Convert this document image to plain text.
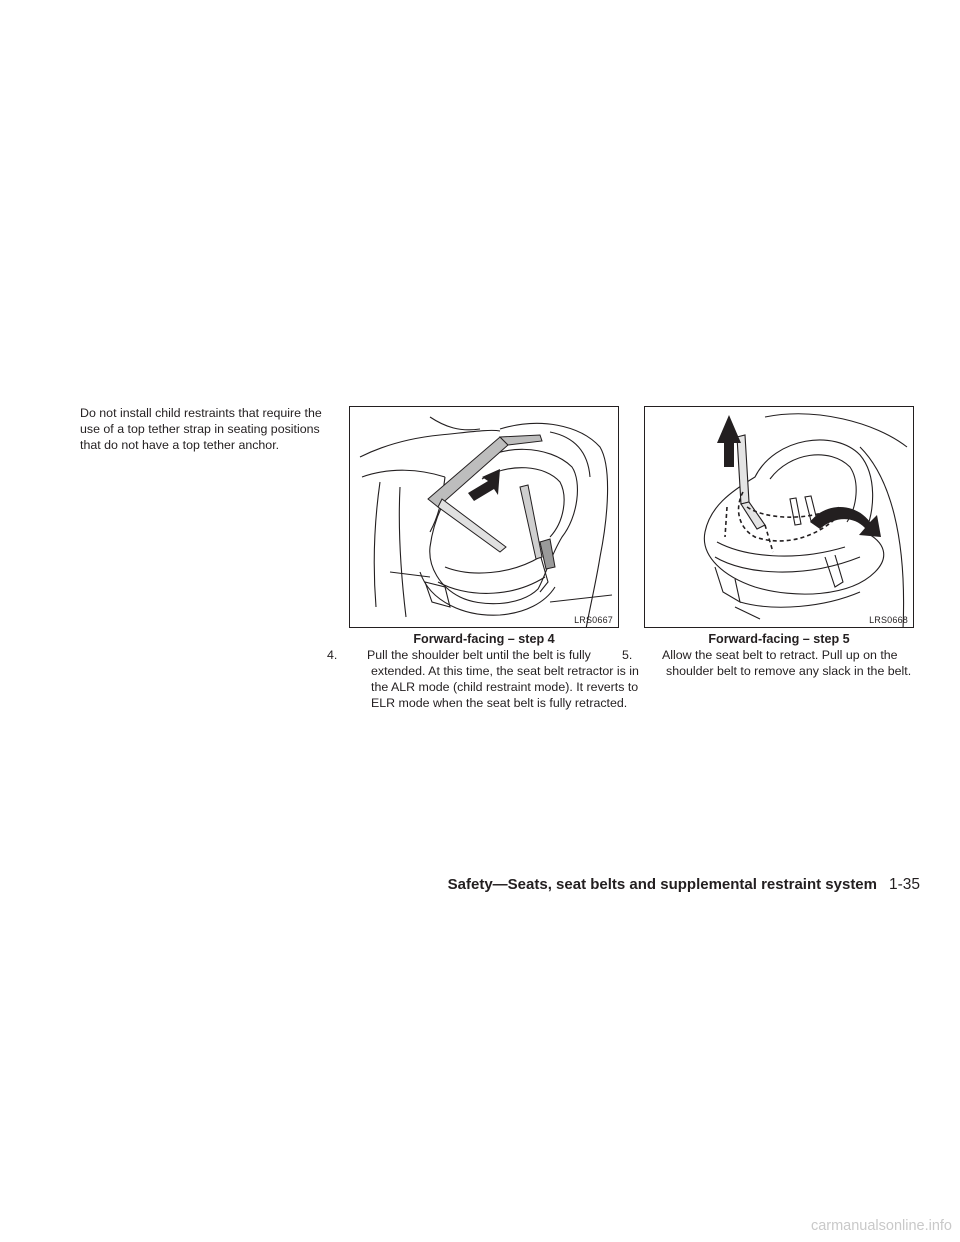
Do not install child restraints that require the use of a top tether strap in seating positions that do not have a top tether anchor.

LRS0667

Forward-facing – step 4

4. Pull the shoulder belt until the belt is fully extended. At this time, the seat belt retractor is in the ALR mode (child restraint mode). It reverts to ELR mode when the seat belt is fully retracted.

LRS0668

Forward-facing – step 5

5. Allow the seat belt to retract. Pull up on the shoulder belt to remove any slack in the belt.

Safety—Seats, seat belts and supplemental restraint system 1-35
carmanualsonline.info
